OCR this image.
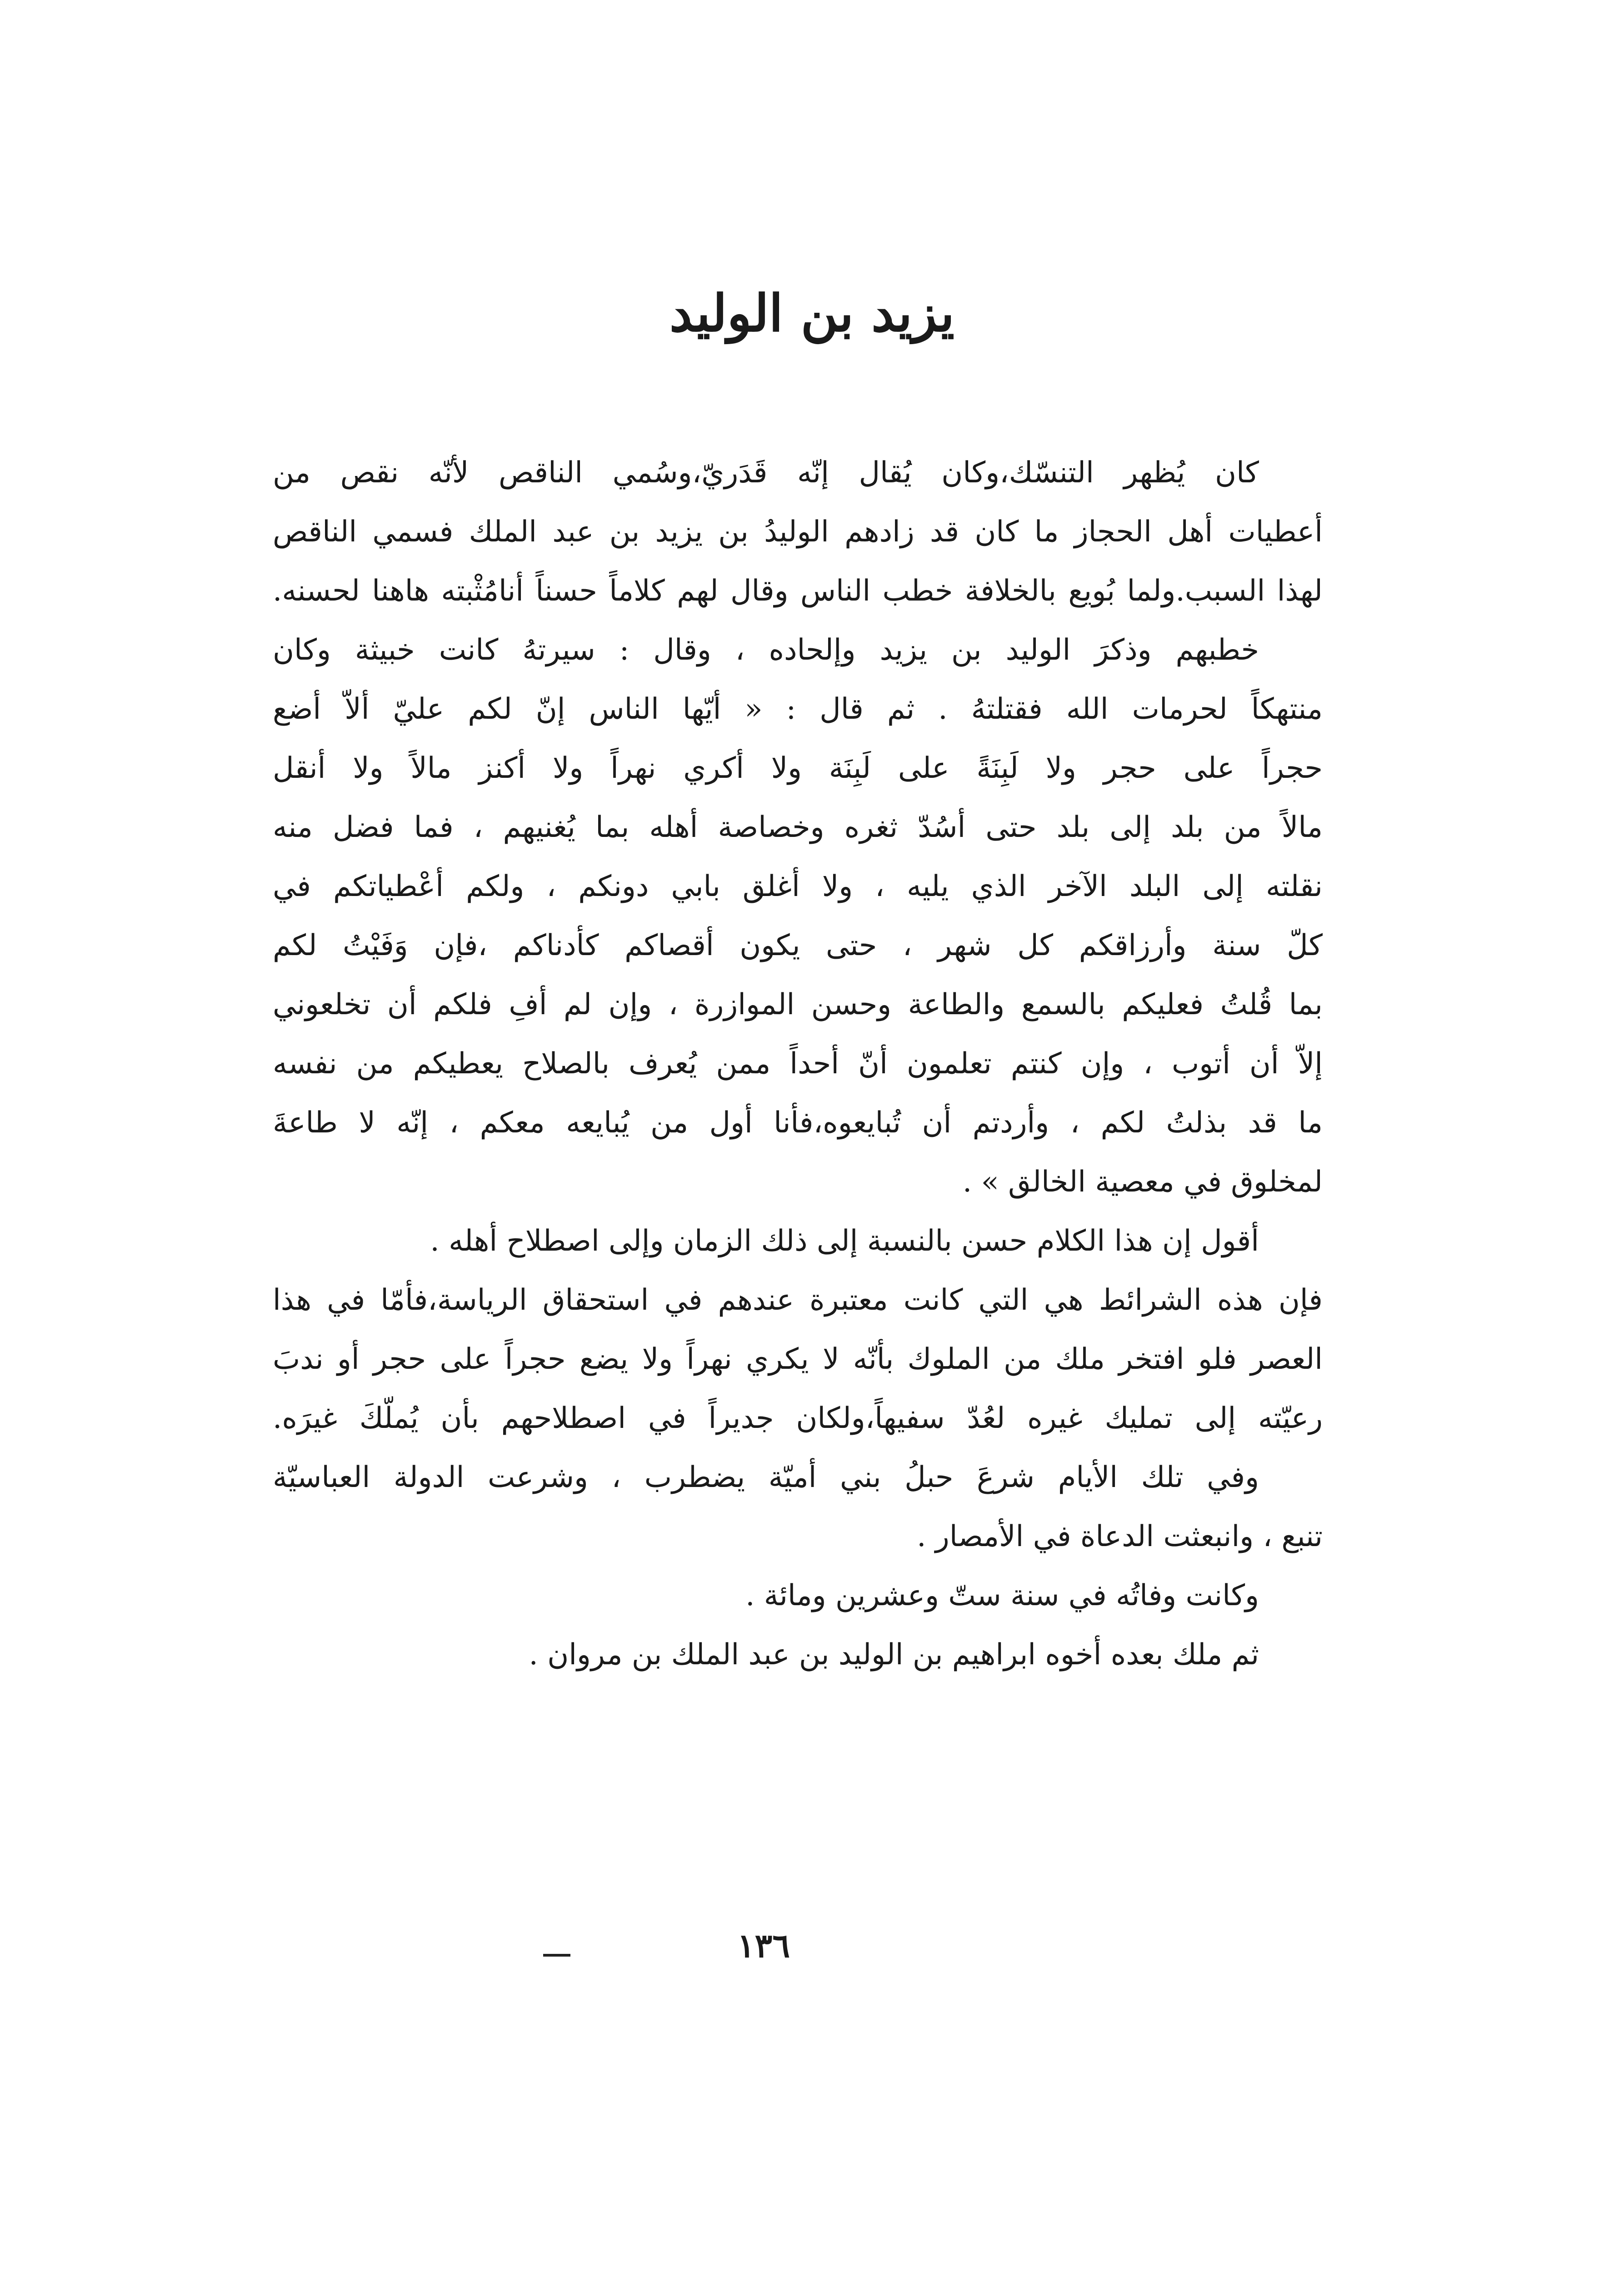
يزيد بن الوليد
كان يُظهر التنسّك،وكان يُقال إنّه قَدَريّ،وسُمي الناقص لأنّه نقص من
أعطيات أهل الحجاز ما كان قد زادهم الوليدُ بن يزيد بن عبد الملك فسمي الناقص
لهذا السبب.ولما بُويع بالخلافة خطب الناس وقال لهم كلاماً حسناً أنامُثْبته هاهنا لحسنه.
خطبهم وذكرَ الوليد بن يزيد وإلحاده ، وقال : سيرتهُ كانت خبيثة وكان
منتهكاً لحرمات الله فقتلتهُ . ثم قال : « أيّها الناس إنّ لكم عليّ ألاّ أضع
حجراً على حجر ولا لَبِنَةً على لَبِنَة ولا أكري نهراً ولا أكنز مالاً ولا أنقل
مالاً من بلد إلى بلد حتى أسُدّ ثغره وخصاصة أهله بما يُغنيهم ، فما فضل منه
نقلته إلى البلد الآخر الذي يليه ، ولا أغلق بابي دونكم ، ولكم أعْطياتكم في
كلّ سنة وأرزاقكم كل شهر ، حتى يكون أقصاكم كأدناكم ،فإن وَفَيْتُ لكم
بما قُلتُ فعليكم بالسمع والطاعة وحسن الموازرة ، وإن لم أفِ فلكم أن تخلعوني
إلاّ أن أتوب ، وإن كنتم تعلمون أنّ أحداً ممن يُعرف بالصلاح يعطيكم من نفسه
ما قد بذلتُ لكم ، وأردتم أن تُبايعوه،فأنا أول من يُبايعه معكم ، إنّه لا طاعةَ
لمخلوق في معصية الخالق » .
أقول إن هذا الكلام حسن بالنسبة إلى ذلك الزمان وإلى اصطلاح أهله .
فإن هذه الشرائط هي التي كانت معتبرة عندهم في استحقاق الرياسة،فأمّا في هذا
العصر فلو افتخر ملك من الملوك بأنّه لا يكري نهراً ولا يضع حجراً على حجر أو ندبَ
رعيّته إلى تمليك غيره لعُدّ سفيهاً،ولكان جديراً في اصطلاحهم بأن يُملّكَ غيرَه.
وفي تلك الأيام شرعَ حبلُ بني أميّة يضطرب ، وشرعت الدولة العباسيّة
تنبع ، وانبعثت الدعاة في الأمصار .
وكانت وفاتُه في سنة ستّ وعشرين ومائة .
ثم ملك بعده أخوه ابراهيم بن الوليد بن عبد الملك بن مروان .
١٣٦
